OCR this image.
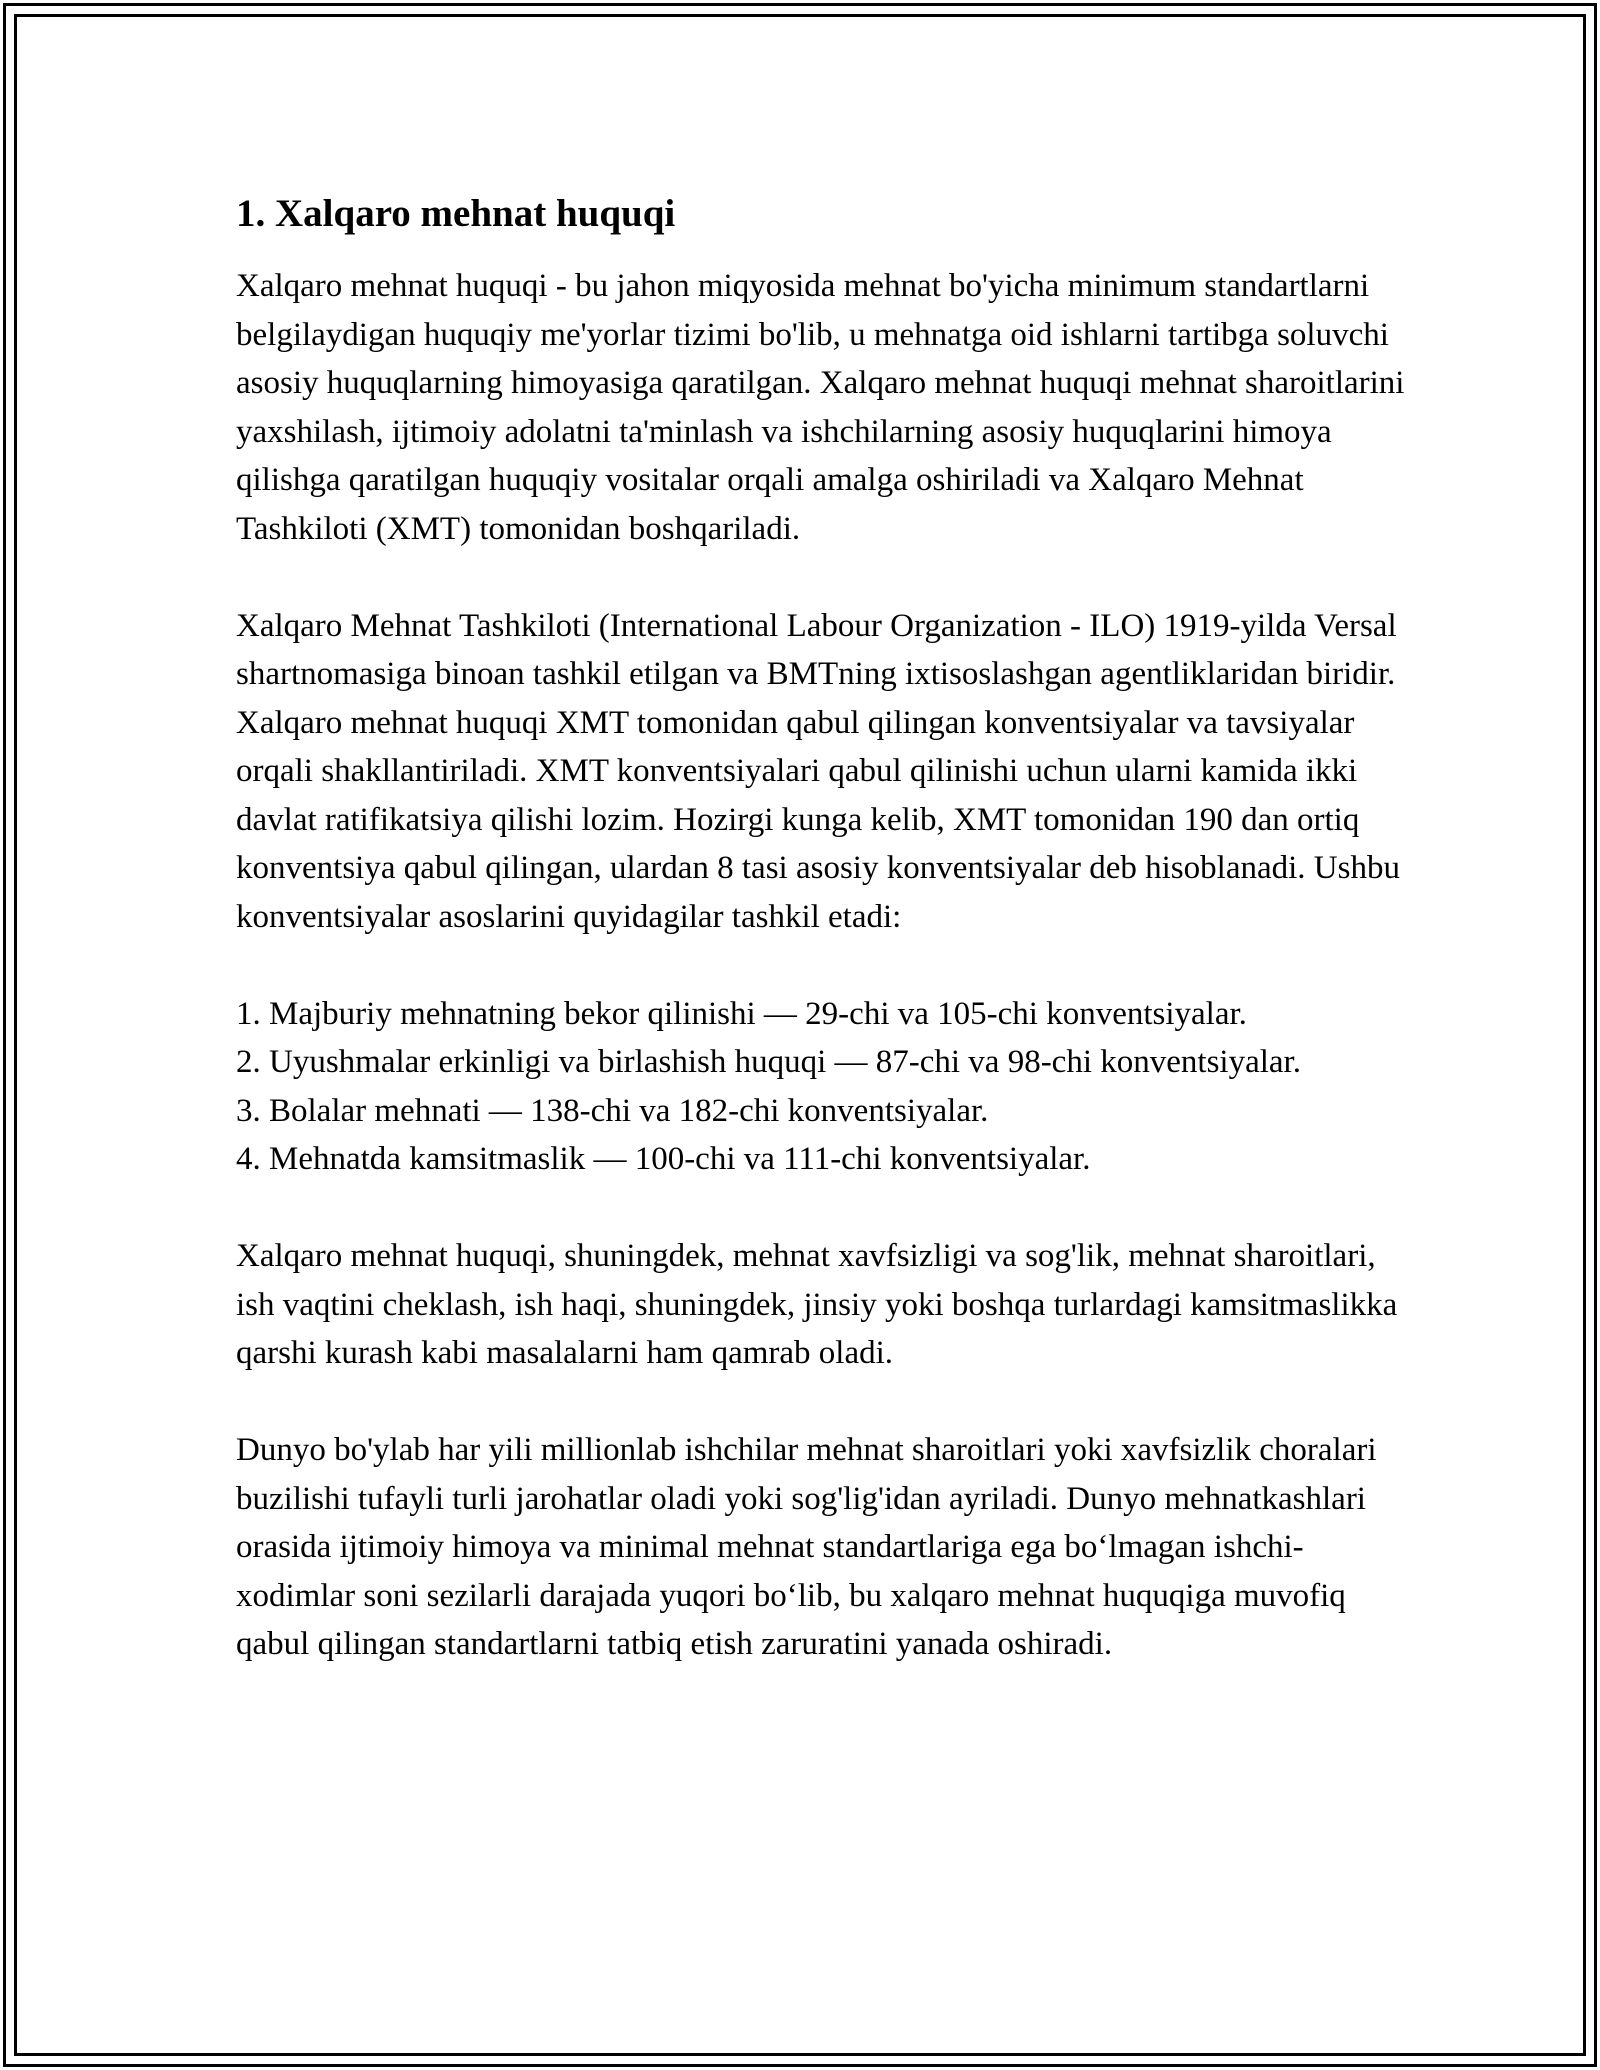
1. Xalqaro mehnat huquqi

Xalqaro mehnat huquqi - bu jahon miqyosida mehnat bo'yicha minimum standartlarni belgilaydigan huquqiy me'yorlar tizimi bo'lib, u mehnatga oid ishlarni tartibga soluvchi asosiy huquqlarning himoyasiga qaratilgan. Xalqaro mehnat huquqi mehnat sharoitlarini yaxshilash, ijtimoiy adolatni ta'minlash va ishchilarning asosiy huquqlarini himoya qilishga qaratilgan huquqiy vositalar orqali amalga oshiriladi va Xalqaro Mehnat Tashkiloti (XMT) tomonidan boshqariladi.

Xalqaro Mehnat Tashkiloti (International Labour Organization - ILO) 1919-yilda Versal shartnomasiga binoan tashkil etilgan va BMTning ixtisoslashgan agentliklaridan biridir. Xalqaro mehnat huquqi XMT tomonidan qabul qilingan konventsiyalar va tavsiyalar orqali shakllantiriladi. XMT konventsiyalari qabul qilinishi uchun ularni kamida ikki davlat ratifikatsiya qilishi lozim. Hozirgi kunga kelib, XMT tomonidan 190 dan ortiq konventsiya qabul qilingan, ulardan 8 tasi asosiy konventsiyalar deb hisoblanadi. Ushbu konventsiyalar asoslarini quyidagilar tashkil etadi:

1. Majburiy mehnatning bekor qilinishi — 29-chi va 105-chi konventsiyalar.
2. Uyushmalar erkinligi va birlashish huquqi — 87-chi va 98-chi konventsiyalar.
3. Bolalar mehnati — 138-chi va 182-chi konventsiyalar.
4. Mehnatda kamsitmaslik — 100-chi va 111-chi konventsiyalar.

Xalqaro mehnat huquqi, shuningdek, mehnat xavfsizligi va sog'lik, mehnat sharoitlari, ish vaqtini cheklash, ish haqi, shuningdek, jinsiy yoki boshqa turlardagi kamsitmaslikka qarshi kurash kabi masalalarni ham qamrab oladi.

Dunyo bo'ylab har yili millionlab ishchilar mehnat sharoitlari yoki xavfsizlik choralari buzilishi tufayli turli jarohatlar oladi yoki sog'lig'idan ayriladi. Dunyo mehnatkashlari orasida ijtimoiy himoya va minimal mehnat standartlariga ega bo‘lmagan ishchi-xodimlar soni sezilarli darajada yuqori bo‘lib, bu xalqaro mehnat huquqiga muvofiq qabul qilingan standartlarni tatbiq etish zaruratini yanada oshiradi.
